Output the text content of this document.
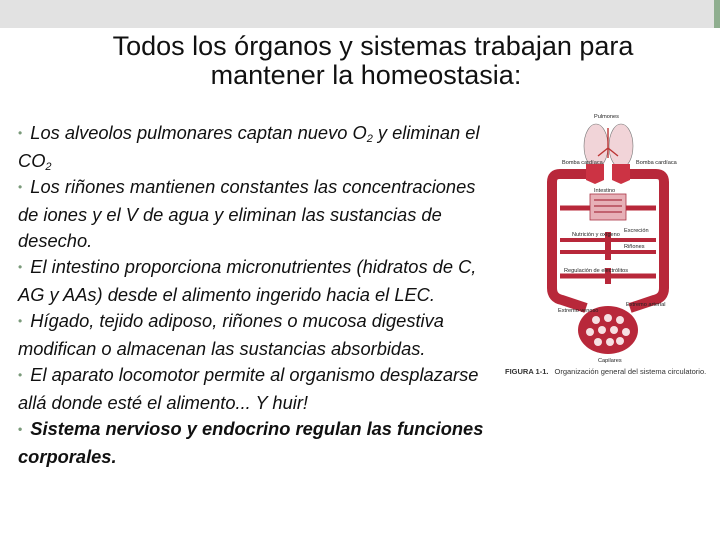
Todos los órganos y sistemas trabajan para
mantener la homeostasia:

• Los alveolos pulmonares captan nuevo $O_2$ y eliminan el $CO_2$

• Los riñones mantienen constantes las concentraciones de iones y el V de agua y eliminan las sustancias de desecho.

• El intestino proporciona micronutrientes (hidratos de C, AG y AAs) desde el alimento ingerido hacia el LEC.

• Hígado, tejido adiposo, riñones o mucosa digestiva modifican o almacenan las sustancias absorbidas.

• El aparato locomotor permite al organismo desplazarse allá donde esté el alimento... Y huir!

• Sistema nervioso y endocrino regulan las funciones corporales.

Pulmones
Bomba cardíaca	Bomba cardíaca
Intestino
Nutrición y oxígeno
Riñones
Excreción
Regulación de electrólitos
Extremo venoso
Extremo arterial
Capilares
FIGURA 1-1. Organización general del sistema circulatorio.
